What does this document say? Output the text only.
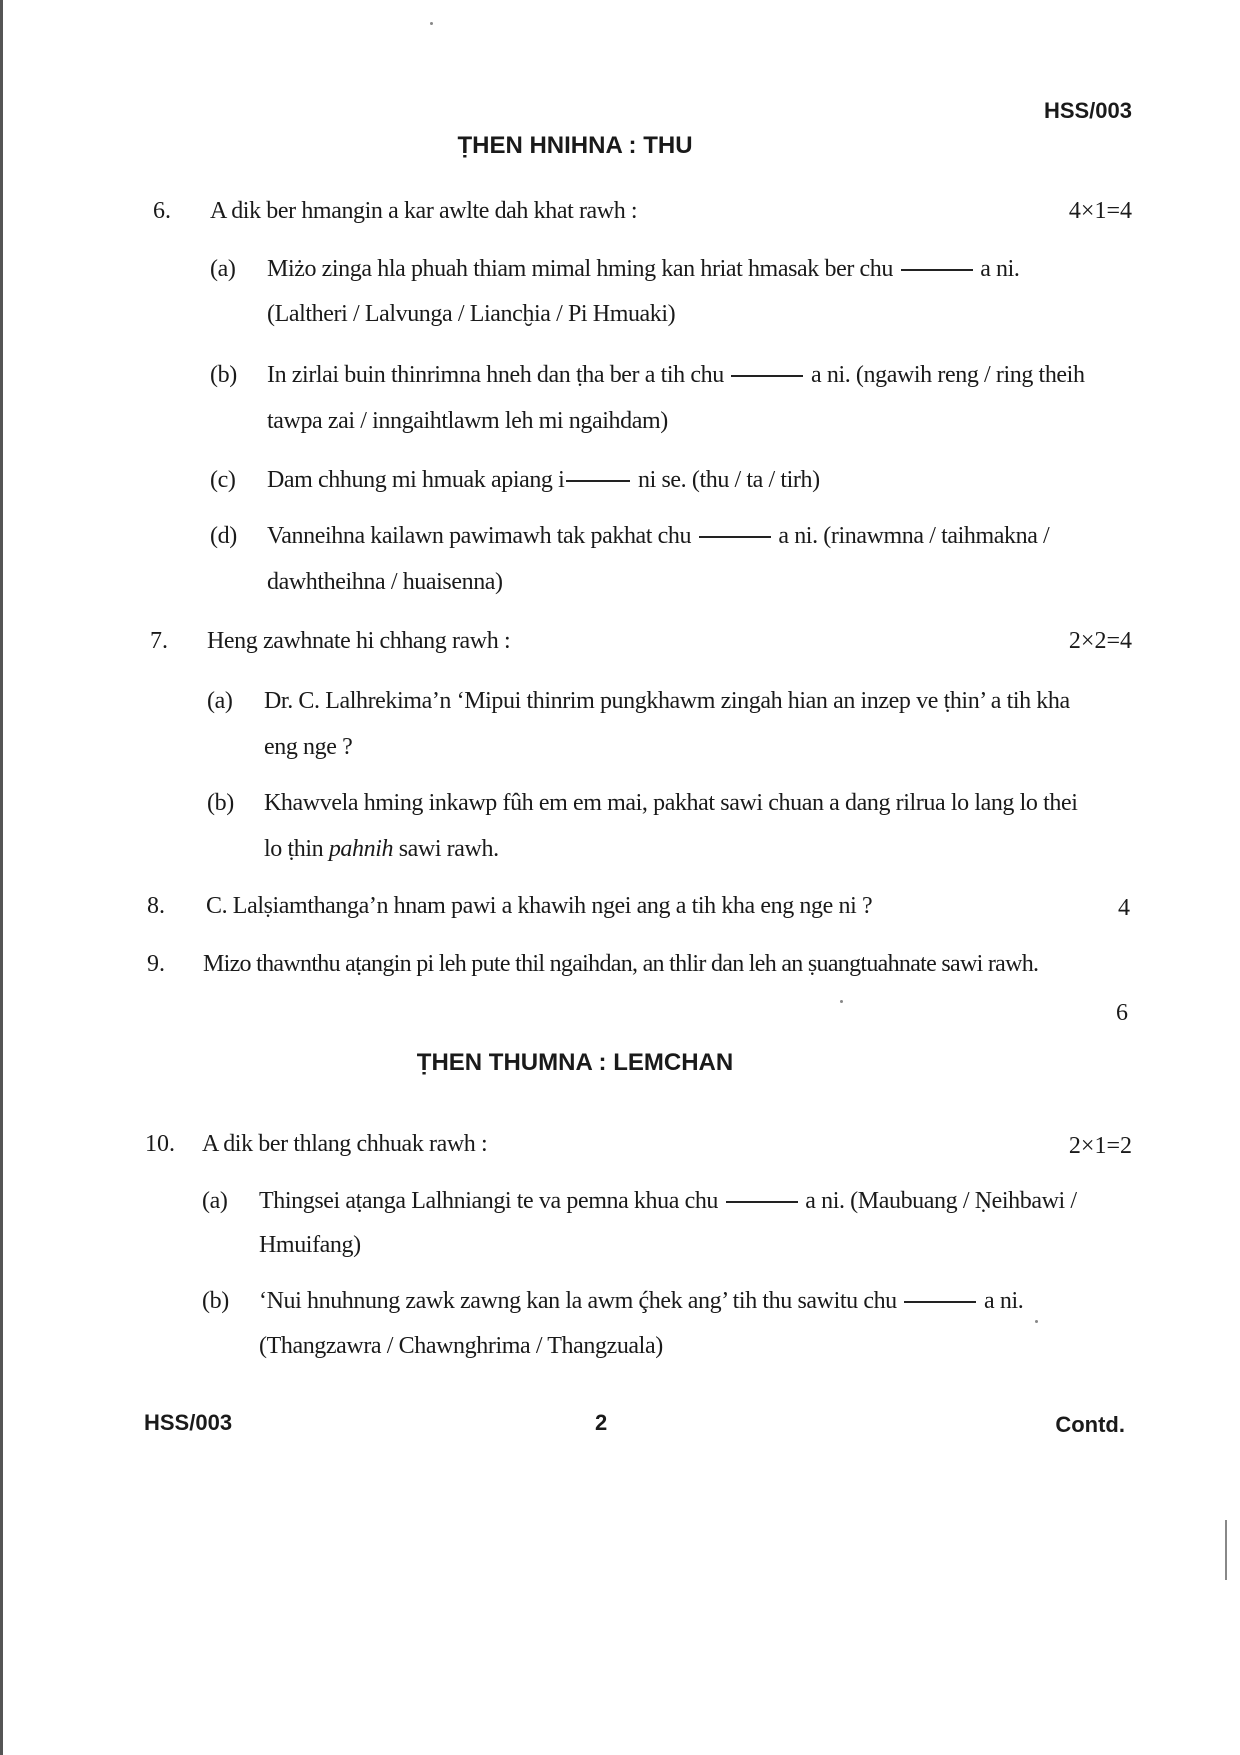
HSS/003
ṬHEN HNIHNA : THU
6. A dik ber hmangin a kar awlte dah khat rawh :	4×1=4
(a) Miżo zinga hla phuah thiam mimal hming kan hriat hmasak ber chu	a ni.
(Laltheri / Lalvunga / Liancḫia / Pi Hmuaki)
(b) In zirlai buin thinrimna hneh dan ṭha ber a tih chu	a ni. (ngawih reng / ring theih
tawpa zai / inngaihtlawm leh mi ngaihdam)
(c) Dam chhung mi hmuak apiang i	ni se. (thu / ta / tirh)
(d) Vanneihna kailawn pawimawh tak pakhat chu	a ni. (rinawmna / taihmakna /
dawhtheihna / huaisenna)
7. Heng zawhnate hi chhang rawh :	2×2=4
(a) Dr. C. Lalhrekima’n ‘Mipui thinrim pungkhawm zingah hian an inzep ve ṭhin’ a tih kha
eng nge ?
(b) Khawvela hming inkawp fûh em em mai, pakhat sawi chuan a dang rilrua lo lang lo thei
lo ṭhin pahnih sawi rawh.
8. C. Lalṣiamthanga’n hnam pawi a khawih ngei ang a tih kha eng nge ni ?	4
9. Mizo thawnthu aṭangin pi leh pute thil ngaihdan, an thlir dan leh an ṣuangtuahnate sawi rawh.
6
ṬHEN THUMNA : LEMCHAN
10. A dik ber thlang chhuak rawh :	2×1=2
(a) Thingsei aṭanga Lalhniangi te va pemna khua chu	a ni. (Maubuang / Ṇeihbawi /
Hmuifang)
(b) ‘Nui hnuhnung zawk zawng kan la awm ḉhek ang’ tih thu sawitu chu	a ni.
(Thangzawra / Chawnghrima / Thangzuala)
HSS/003	2	Contd.
